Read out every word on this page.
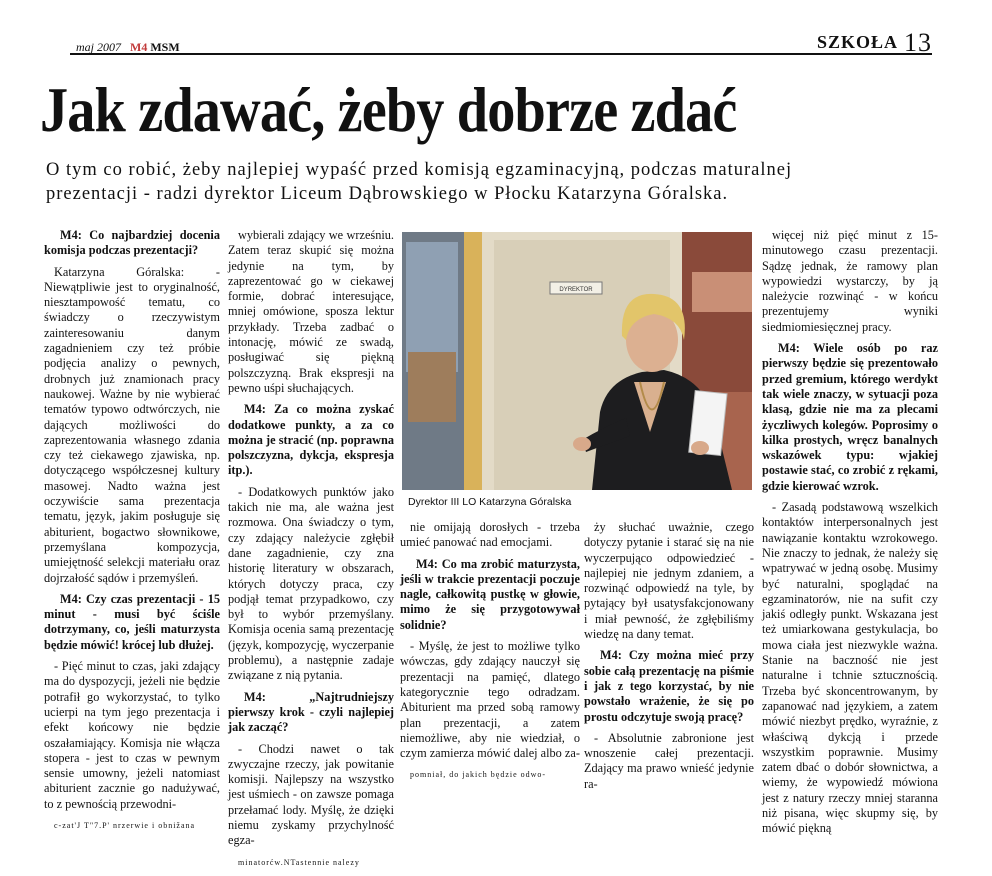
maj 2007 M4 MSM	SZKOŁA 13
Jak zdawać, żeby dobrze zdać
O tym co robić, żeby najlepiej wypaść przed komisją egzaminacyjną, podczas maturalnej
prezentacji - radzi dyrektor Liceum Dąbrowskiego w Płocku Katarzyna Góralska.

M4: Co najbardziej docenia komisja podczas prezentacji?

Katarzyna Góralska: - Niewątpliwie jest to oryginalność, niesztampowość tematu, co świadczy o rzeczywistym zainteresowaniu danym zagadnieniem czy też próbie podjęcia analizy o pewnych, drobnych już znamionach pracy naukowej. Ważne by nie wybierać tematów typowo odtwórczych, nie dających możliwości do zaprezentowania własnego zdania czy też ciekawego zjawiska, np. dotyczącego współczesnej kultury masowej. Nadto ważna jest oczywiście sama prezentacja tematu, język, jakim posługuje się abiturient, bogactwo słownikowe, przemyślana kompozycja, umiejętność selekcji materiału oraz dojrzałość sądów i przemyśleń.

M4: Czy czas prezentacji - 15 minut - musi być ściśle dotrzymany, co, jeśli maturzysta będzie mówić! krócej lub dłużej.

- Pięć minut to czas, jaki zdający ma do dyspozycji, jeżeli nie będzie potrafił go wykorzystać, to tylko ucierpi na tym jego prezentacja i efekt końcowy nie będzie oszałamiający. Komisja nie włącza stopera - jest to czas w pewnym sensie umowny, jeżeli natomiast abiturient zacznie go nadużywać, to z pewnością przewodni-

c-zat'J T"7.P' nrzerwie i obnižana

wybierali zdający we wrześniu. Zatem teraz skupić się można jedynie na tym, by zaprezentować go w ciekawej formie, dobrać interesujące, mniej omówione, sposza lektur przykłady. Trzeba zadbać o intonację, mówić ze swadą, posługiwać się piękną polszczyzną. Brak ekspresji na pewno uśpi słuchających.

M4: Za co można zyskać dodatkowe punkty, a za co można je stracić (np. poprawna polszczyzna, dykcja, ekspresja itp.).

- Dodatkowych punktów jako takich nie ma, ale ważna jest rozmowa. Ona świadczy o tym, czy zdający należycie zgłębił dane zagadnienie, czy zna historię literatury w obszarach, których dotyczy praca, czy podjął temat przypadkowo, czy był to wybór przemyślany. Komisja ocenia samą prezentację (język, kompozycję, wyczerpanie problemu), a następnie zadaje związane z nią pytania.

M4: „Najtrudniejszy pierwszy krok - czyli najlepiej jak zacząć?

- Chodzi nawet o tak zwyczajne rzeczy, jak powitanie komisji. Najlepszy na wszystko jest uśmiech - on zawsze pomaga przełamać lody. Myślę, że dzięki niemu zyskamy przychylność egza-

minatorćw.NTastennie nalezy

DYREKTOR
Dyrektor III LO Katarzyna Góralska

nie omijają dorosłych - trzeba umieć panować nad emocjami.

M4: Co ma zrobić maturzysta, jeśli w trakcie prezentacji poczuje nagle, całkowitą pustkę w głowie, mimo że się przygotowywał solidnie?

- Myślę, że jest to możliwe tylko wówczas, gdy zdający nauczył się prezentacji na pamięć, dlatego kategorycznie tego odradzam. Abiturient ma przed sobą ramowy plan prezentacji, a zatem niemożliwe, aby nie wiedział, o czym zamierza mówić dalej albo za-

pomniał, do jakich będzie odwo-

ży słuchać uważnie, czego dotyczy pytanie i starać się na nie wyczerpująco odpowiedzieć - najlepiej nie jednym zdaniem, a rozwinąć odpowiedź na tyle, by pytający był usatysfakcjonowany i miał pewność, że zgłębiliśmy wiedzę na dany temat.

M4: Czy można mieć przy sobie całą prezentację na piśmie i jak z tego korzystać, by nie powstało wrażenie, że się po prostu odczytuje swoją pracę?

- Absolutnie zabronione jest wnoszenie całej prezentacji. Zdający ma prawo wnieść jedynie ra-

więcej niż pięć minut z 15-minutowego czasu prezentacji. Sądzę jednak, że ramowy plan wypowiedzi wystarczy, by ją należycie rozwinąć - w końcu prezentujemy wyniki siedmiomiesięcznej pracy.

M4: Wiele osób po raz pierwszy będzie się prezentowało przed gremium, którego werdykt tak wiele znaczy, w sytuacji poza klasą, gdzie nie ma za plecami życzliwych kolegów. Poprosimy o kilka prostych, wręcz banalnych wskazówek typu: wjakiej postawie stać, co zrobić z rękami, gdzie kierować wzrok.

- Zasadą podstawową wszelkich kontaktów interpersonalnych jest nawiązanie kontaktu wzrokowego. Nie znaczy to jednak, że należy się wpatrywać w jedną osobę. Musimy być naturalni, spoglądać na egzaminatorów, nie na sufit czy jakiś odległy punkt. Wskazana jest też umiarkowana gestykulacja, bo mowa ciała jest niezwykle ważna. Stanie na baczność nie jest naturalne i tchnie sztucznością. Trzeba być skoncentrowanym, by zapanować nad językiem, a zatem mówić niezbyt prędko, wyraźnie, z właściwą dykcją i przede wszystkim poprawnie. Musimy zatem dbać o dobór słownictwa, a wiemy, że wypowiedź mówiona jest z natury rzeczy mniej staranna niż pisana, więc skupmy się, by mówić piękną
